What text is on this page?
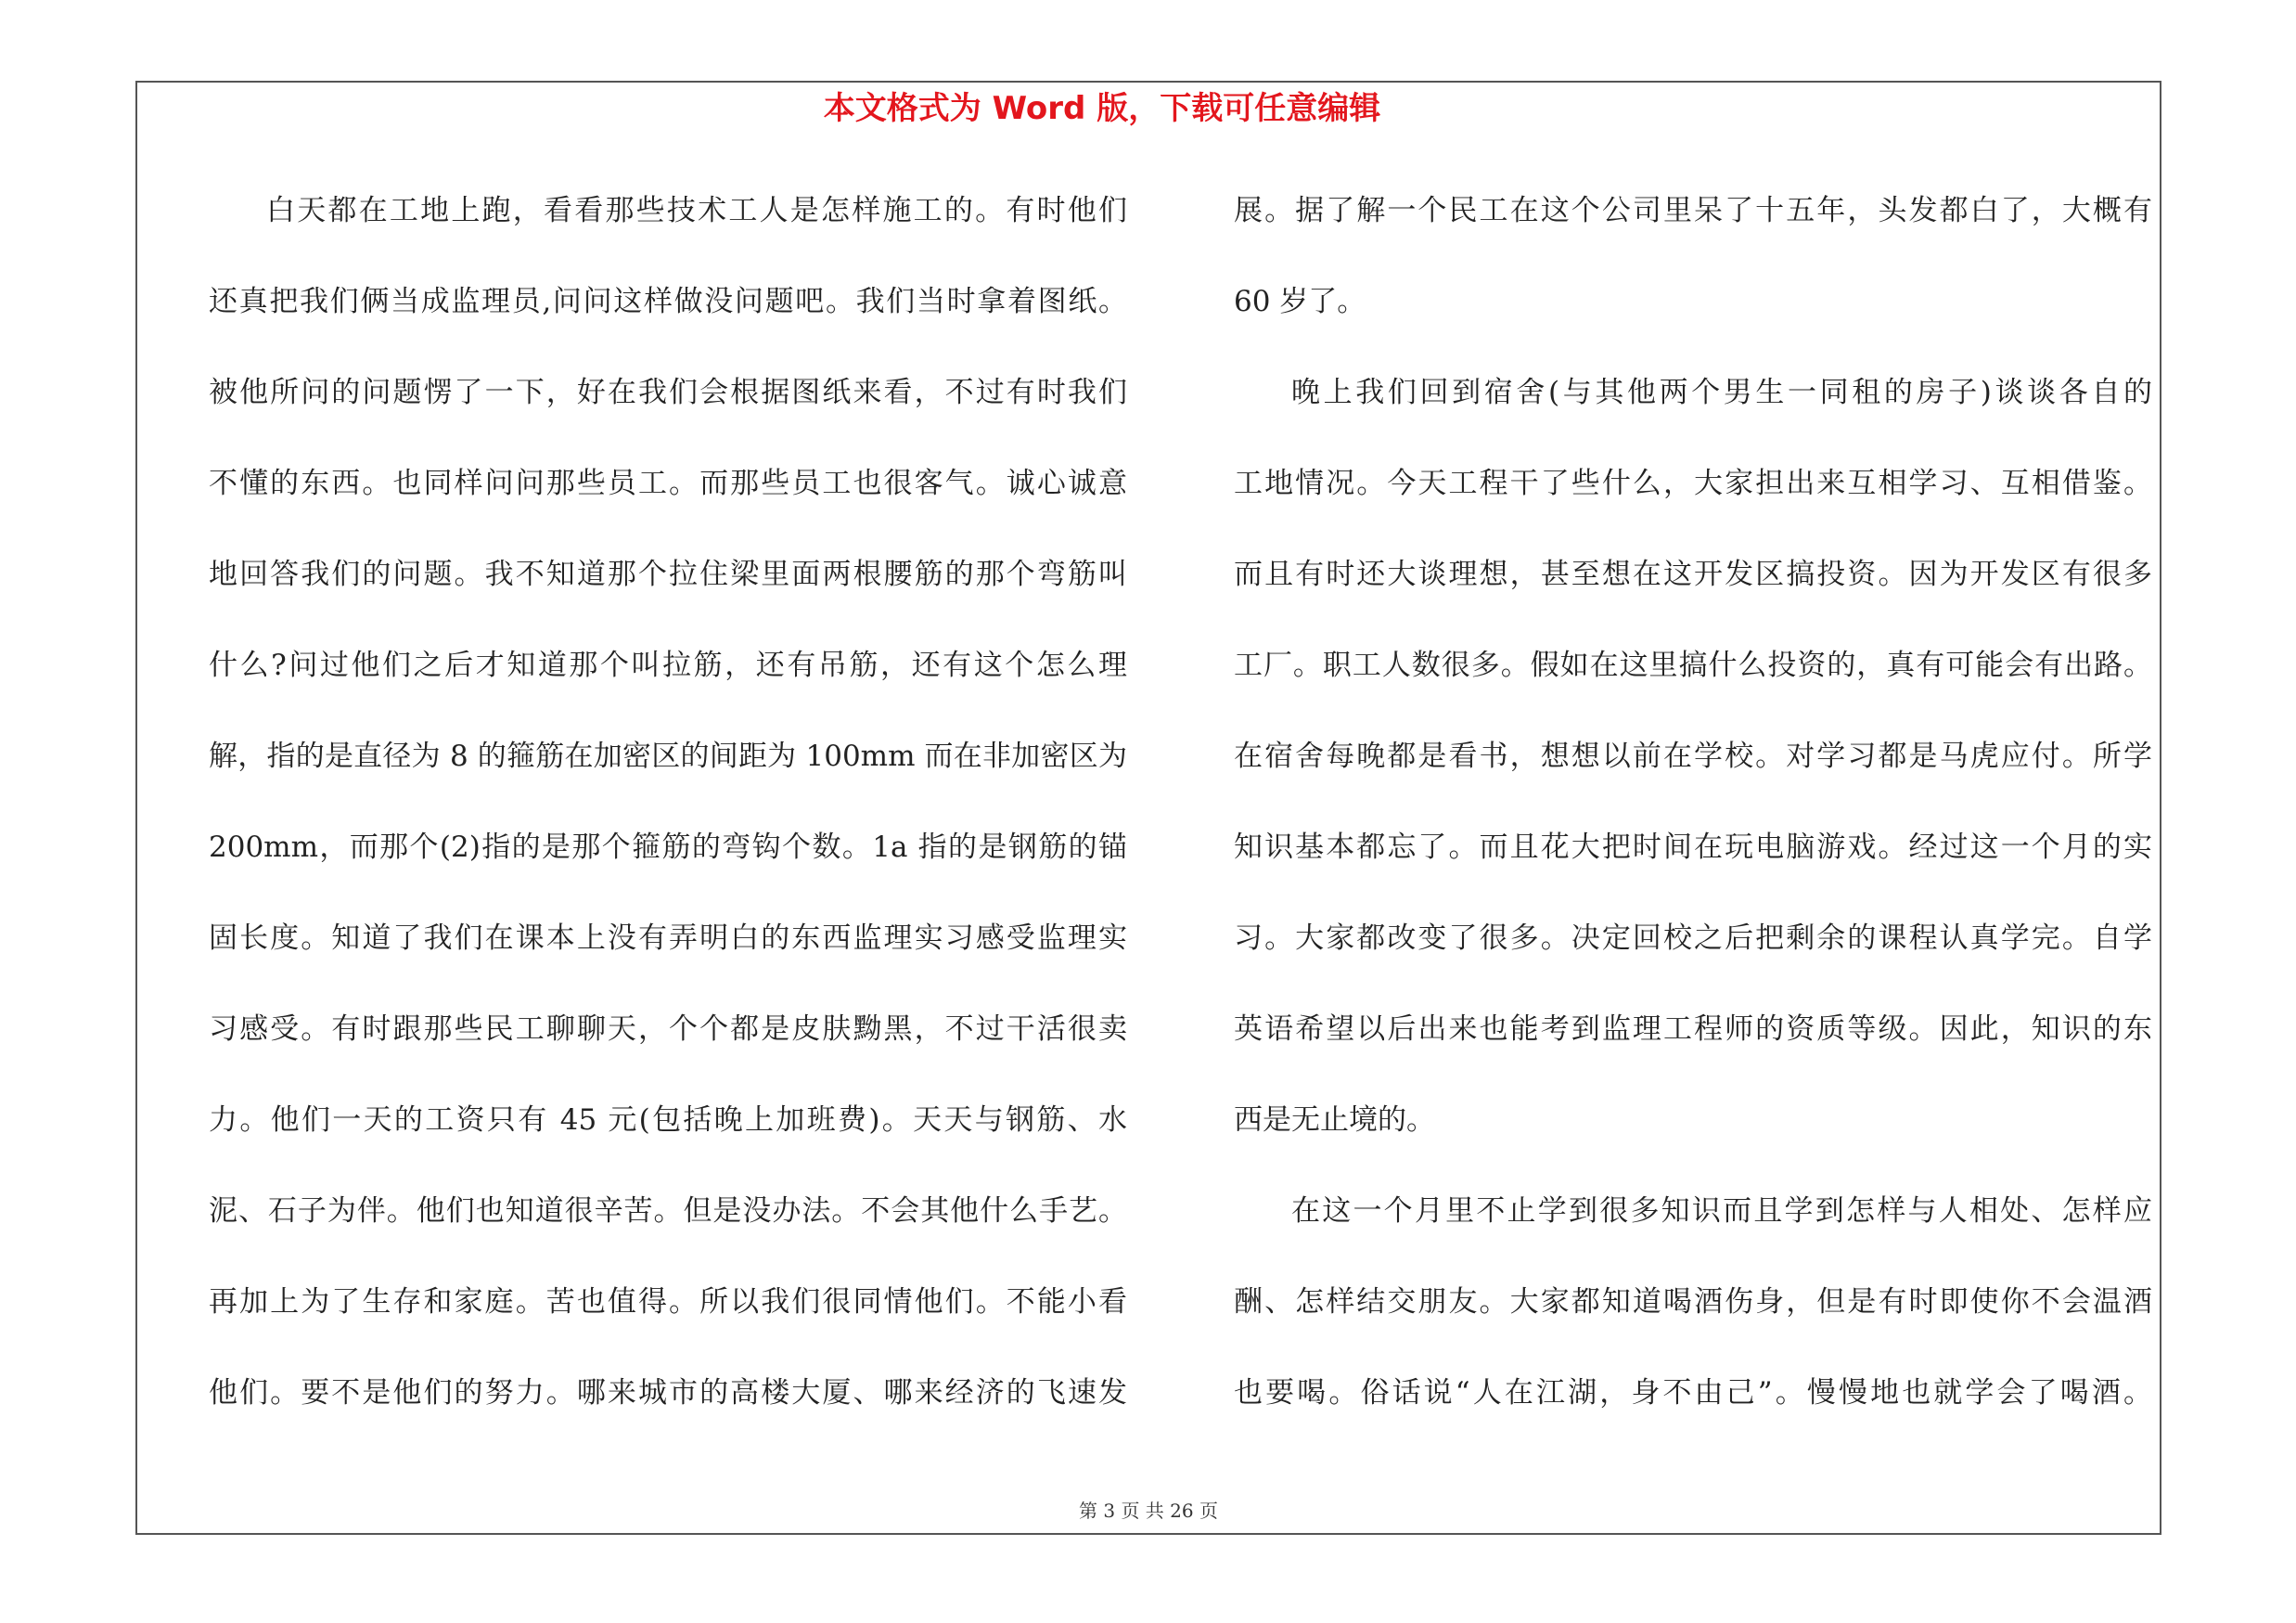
本文格式为 Word 版，下载可任意编辑
白天都在工地上跑，看看那些技术工人是怎样施工的。有时他们
还真把我们俩当成监理员,问问这样做没问题吧。我们当时拿着图纸。
被他所问的问题愣了一下，好在我们会根据图纸来看，不过有时我们
不懂的东西。也同样问问那些员工。而那些员工也很客气。诚心诚意
地回答我们的问题。我不知道那个拉住梁里面两根腰筋的那个弯筋叫
什么?问过他们之后才知道那个叫拉筋，还有吊筋，还有这个怎么理
解，指的是直径为 8 的箍筋在加密区的间距为 100mm 而在非加密区为
200mm，而那个(2)指的是那个箍筋的弯钩个数。1a 指的是钢筋的锚
固长度。知道了我们在课本上没有弄明白的东西监理实习感受监理实
习感受。有时跟那些民工聊聊天，个个都是皮肤黝黑，不过干活很卖
力。他们一天的工资只有 45 元(包括晚上加班费)。天天与钢筋、水
泥、石子为伴。他们也知道很辛苦。但是没办法。不会其他什么手艺。
再加上为了生存和家庭。苦也值得。所以我们很同情他们。不能小看
他们。要不是他们的努力。哪来城市的高楼大厦、哪来经济的飞速发
展。据了解一个民工在这个公司里呆了十五年，头发都白了，大概有
60 岁了。
晚上我们回到宿舍(与其他两个男生一同租的房子)谈谈各自的
工地情况。今天工程干了些什么，大家担出来互相学习、互相借鉴。
而且有时还大谈理想，甚至想在这开发区搞投资。因为开发区有很多
工厂。职工人数很多。假如在这里搞什么投资的，真有可能会有出路。
在宿舍每晚都是看书，想想以前在学校。对学习都是马虎应付。所学
知识基本都忘了。而且花大把时间在玩电脑游戏。经过这一个月的实
习。大家都改变了很多。决定回校之后把剩余的课程认真学完。自学
英语希望以后出来也能考到监理工程师的资质等级。因此，知识的东
西是无止境的。
在这一个月里不止学到很多知识而且学到怎样与人相处、怎样应
酬、怎样结交朋友。大家都知道喝酒伤身，但是有时即使你不会温酒
也要喝。俗话说“人在江湖，身不由己”。慢慢地也就学会了喝酒。
第 3 页 共 26 页
